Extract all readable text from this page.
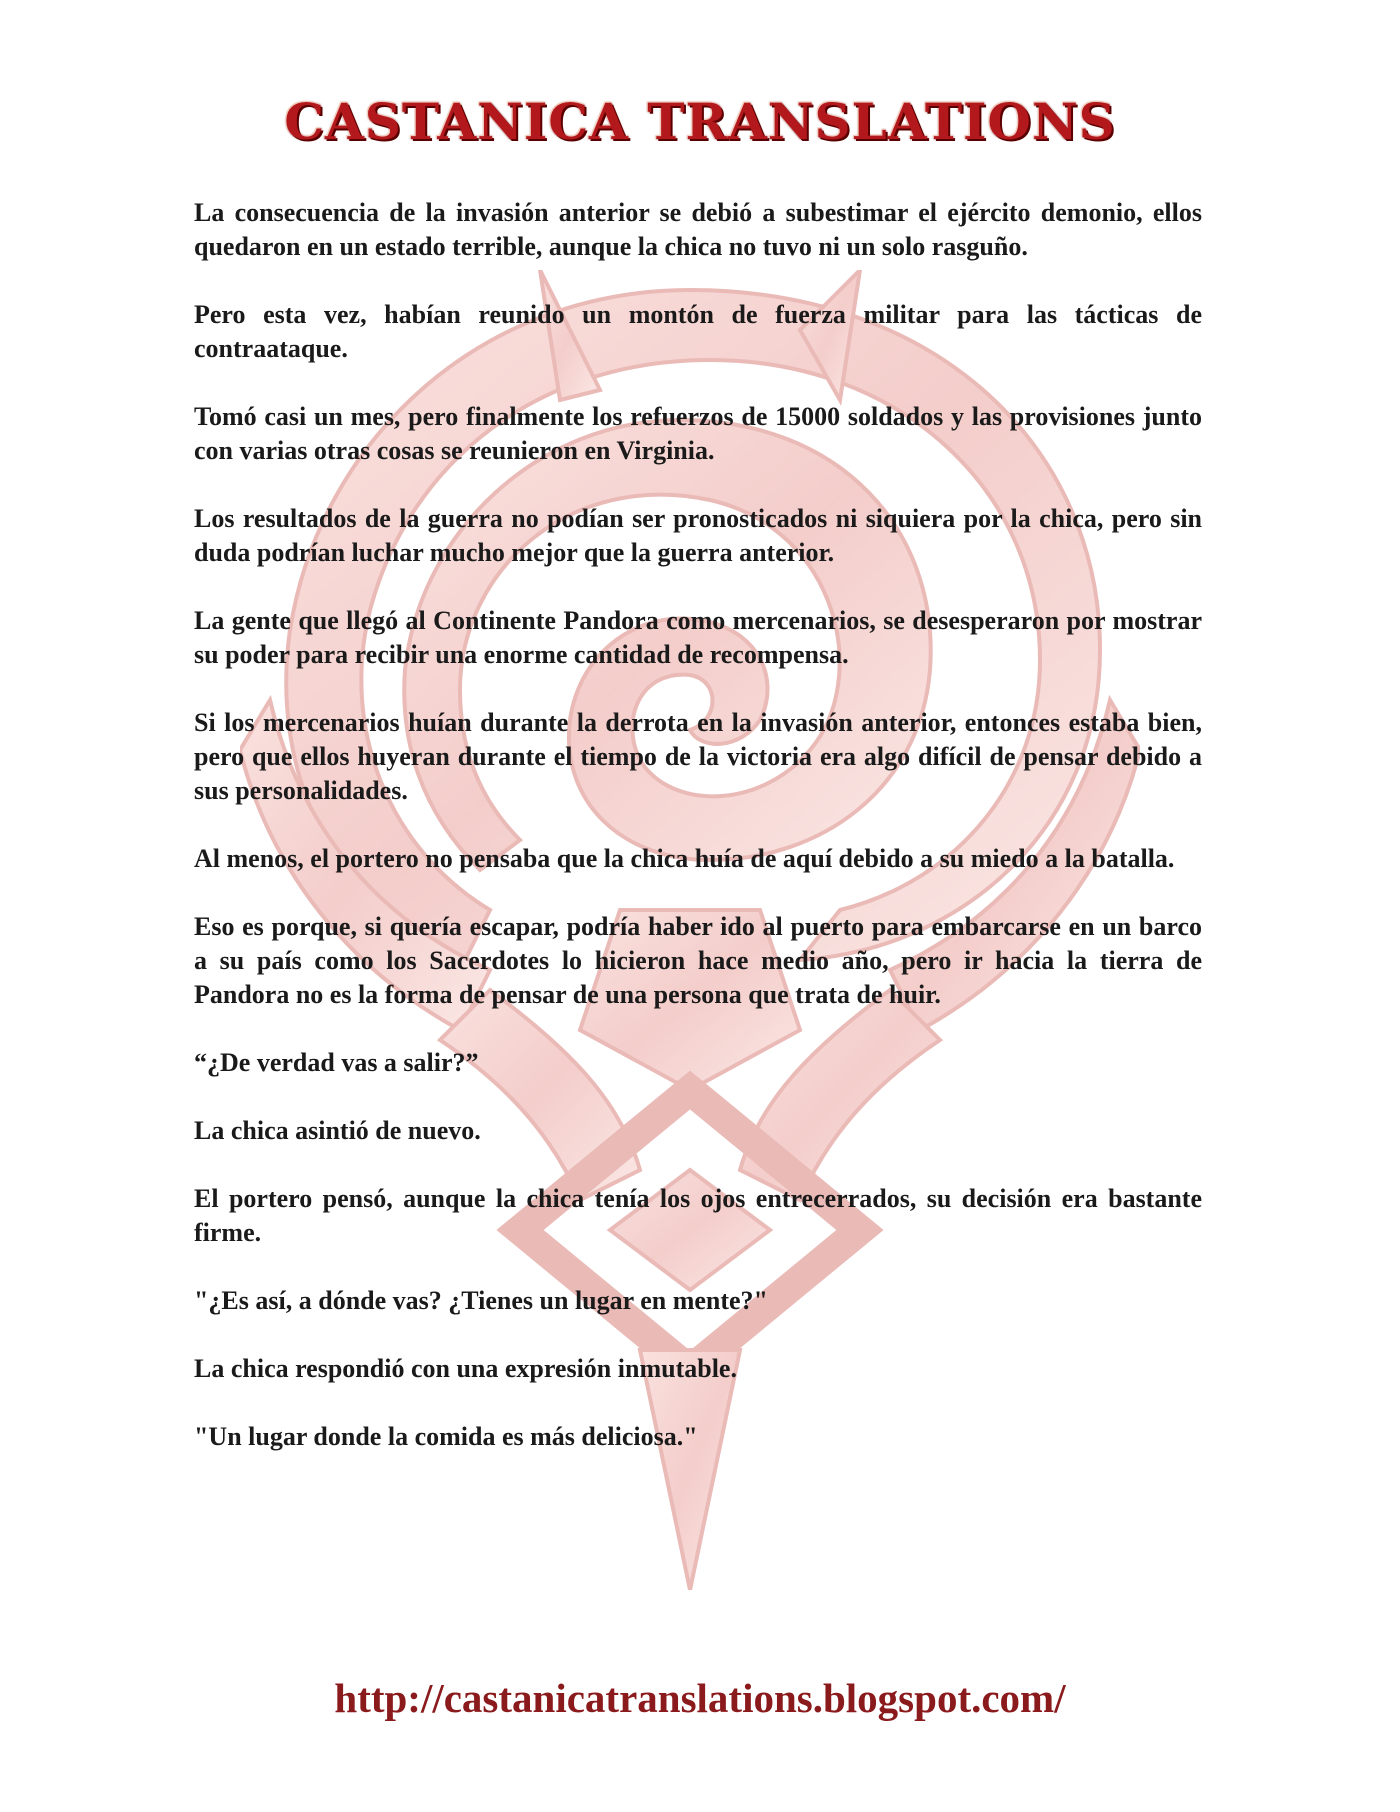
CASTANICA TRANSLATIONS

La consecuencia de la invasión anterior se debió a subestimar el ejército demonio, ellos quedaron en un estado terrible, aunque la chica no tuvo ni un solo rasguño.

Pero esta vez, habían reunido un montón de fuerza militar para las tácticas de contraataque.

Tomó casi un mes, pero finalmente los refuerzos de 15000 soldados y las provisiones junto con varias otras cosas se reunieron en Virginia.

Los resultados de la guerra no podían ser pronosticados ni siquiera por la chica, pero sin duda podrían luchar mucho mejor que la guerra anterior.

La gente que llegó al Continente Pandora como mercenarios, se desesperaron por mostrar su poder para recibir una enorme cantidad de recompensa.

Si los mercenarios huían durante la derrota en la invasión anterior, entonces estaba bien, pero que ellos huyeran durante el tiempo de la victoria era algo difícil de pensar debido a sus personalidades.

Al menos, el portero no pensaba que la chica huía de aquí debido a su miedo a la batalla.

Eso es porque, si quería escapar, podría haber ido al puerto para embarcarse en un barco a su país como los Sacerdotes lo hicieron hace medio año, pero ir hacia la tierra de Pandora no es la forma de pensar de una persona que trata de huir.

“¿De verdad vas a salir?”

La chica asintió de nuevo.

El portero pensó, aunque la chica tenía los ojos entrecerrados, su decisión era bastante firme.

"¿Es así, a dónde vas? ¿Tienes un lugar en mente?"

La chica respondió con una expresión inmutable.

"Un lugar donde la comida es más deliciosa."

http://castanicatranslations.blogspot.com/
